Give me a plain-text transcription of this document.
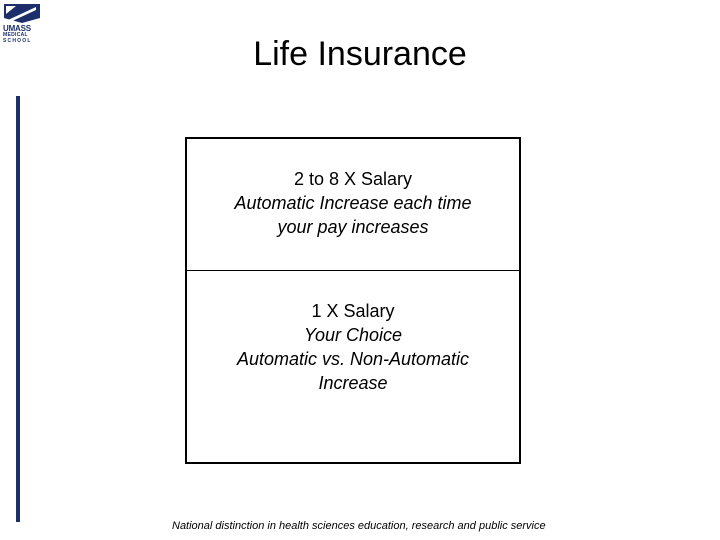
UMASS
MEDICAL
SCHOOL	Life Insurance
2 to 8 X Salary
Automatic Increase each time
your pay increases
1 X Salary
Your Choice
Automatic vs. Non-Automatic
Increase
National distinction in health sciences education, research and public service
